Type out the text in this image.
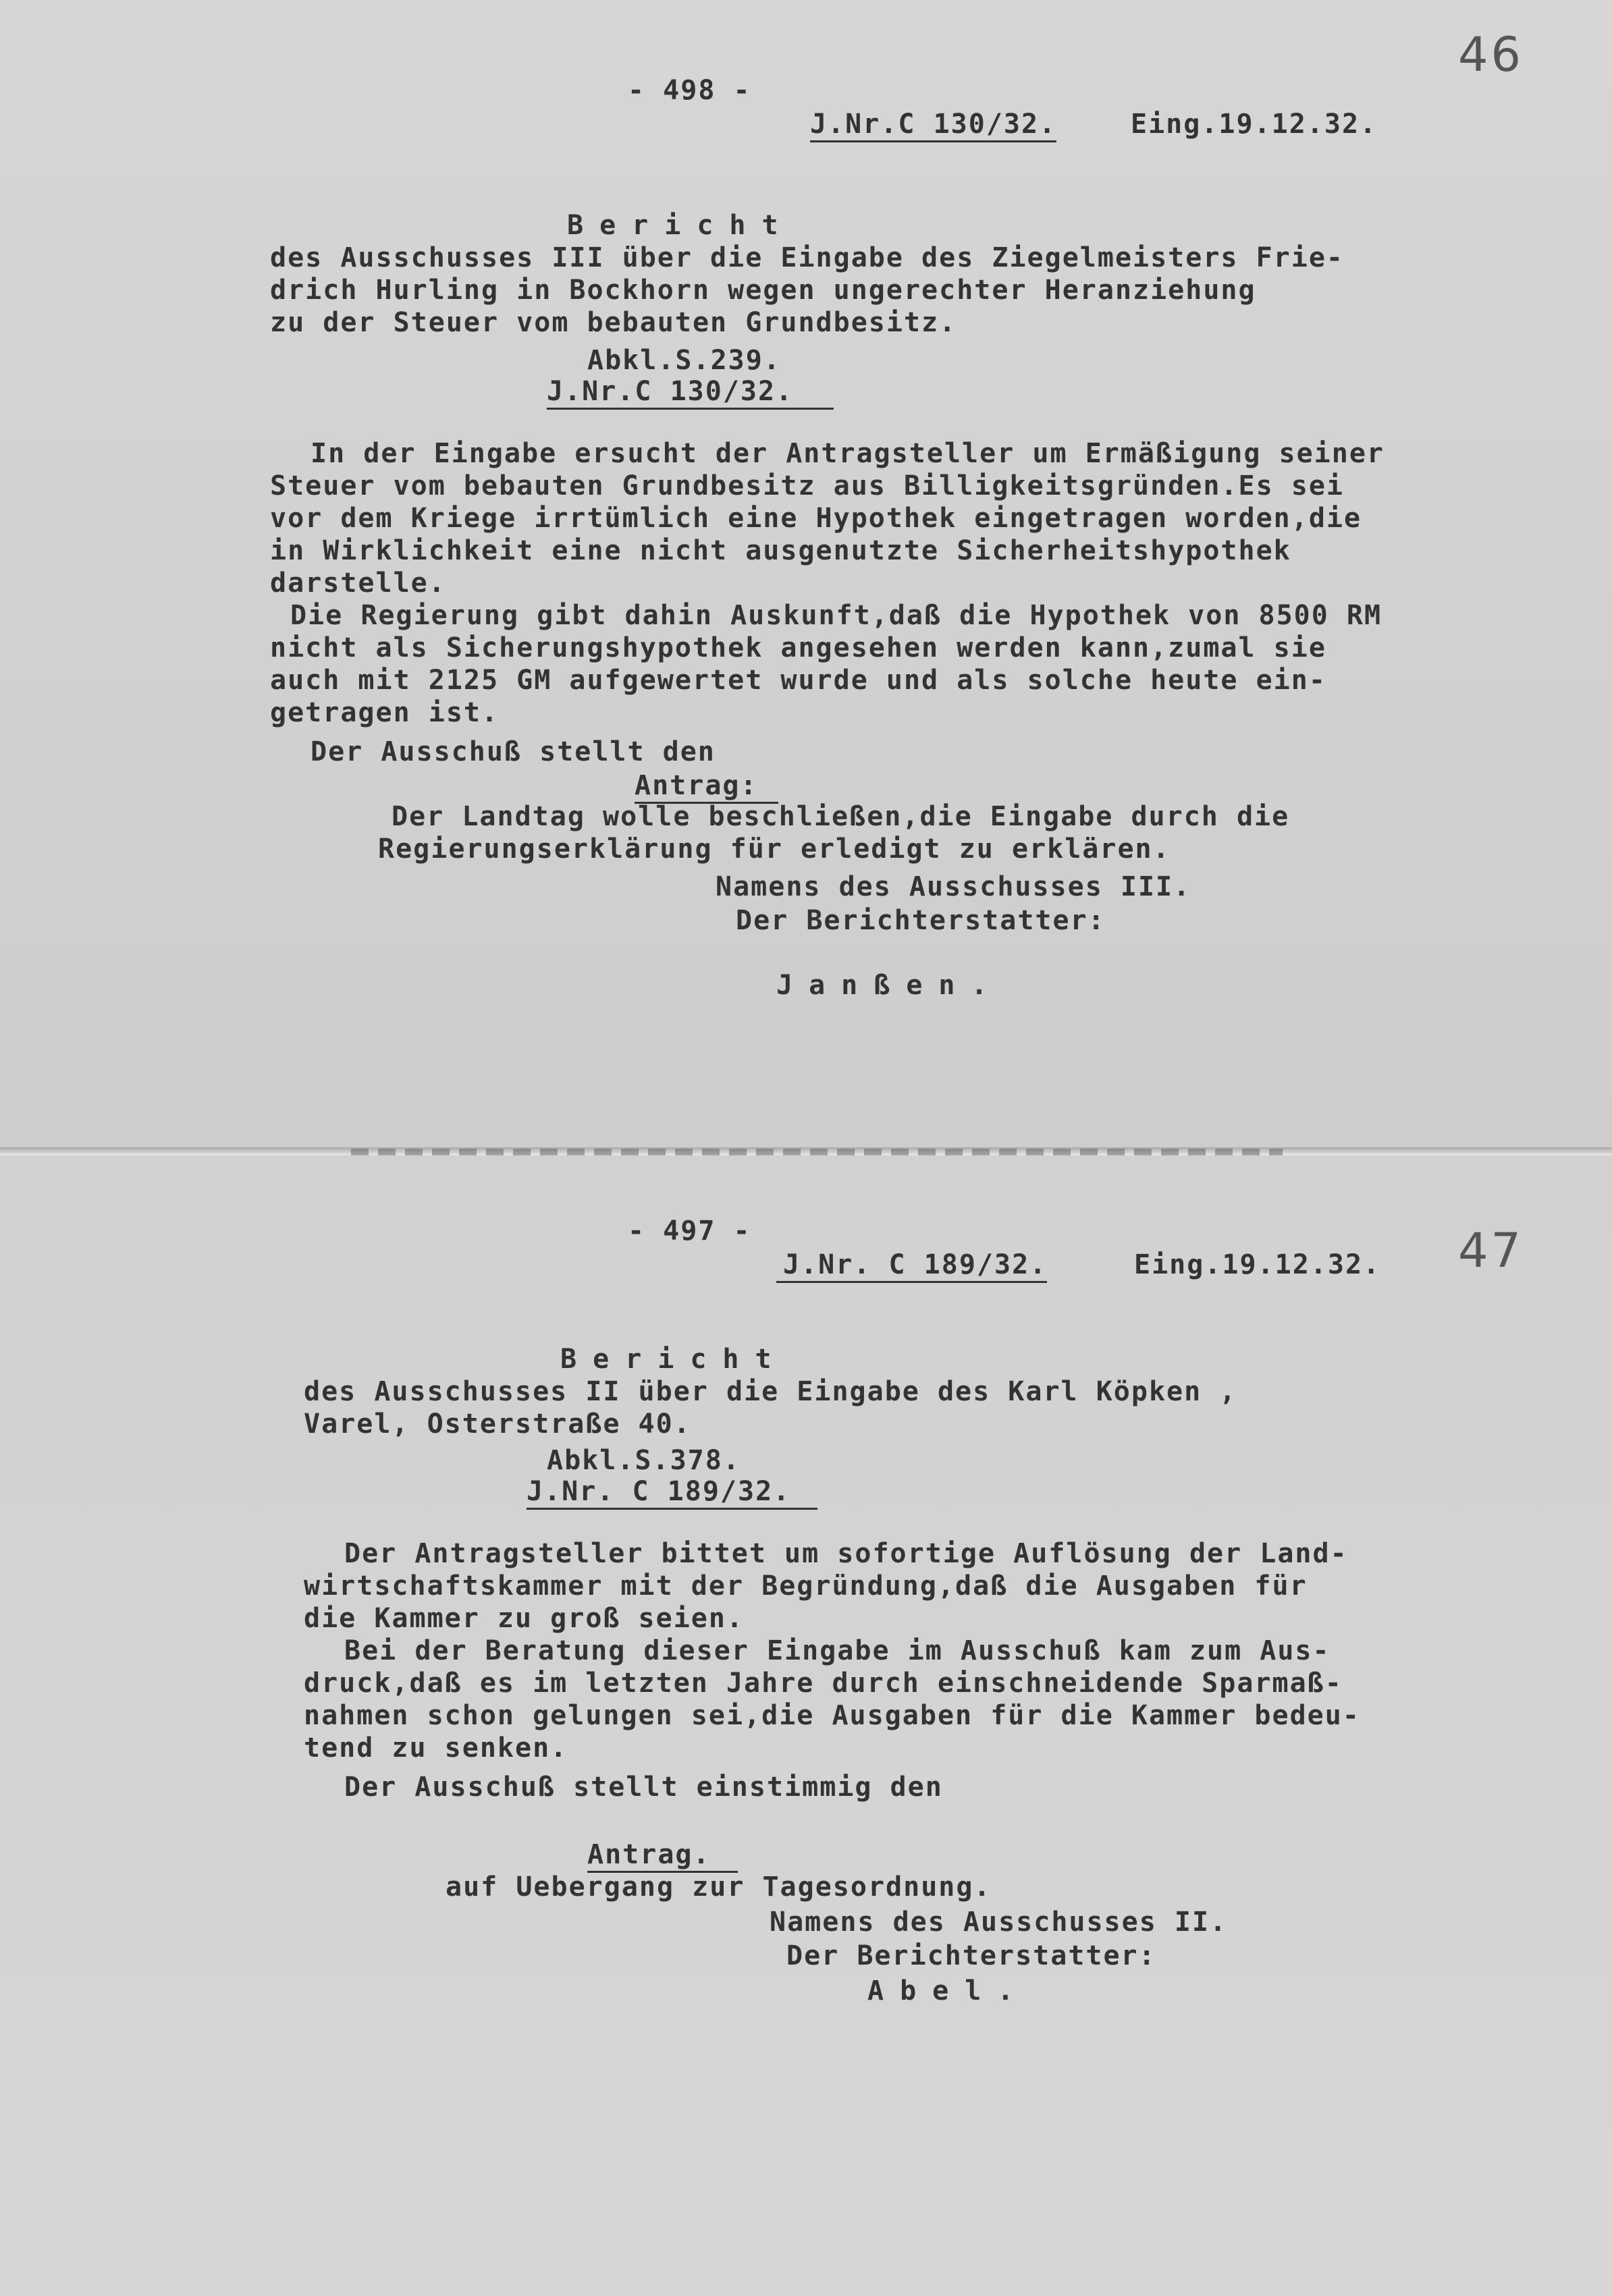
46
- 498 -
J.Nr.C 130/32.	Eing.19.12.32.
Bericht
des Ausschusses III über die Eingabe des Ziegelmeisters Frie-
drich Hurling in Bockhorn wegen ungerechter Heranziehung
zu der Steuer vom bebauten Grundbesitz.
Abkl.S.239.
J.Nr.C 130/32.
In der Eingabe ersucht der Antragsteller um Ermäßigung seiner
Steuer vom bebauten Grundbesitz aus Billigkeitsgründen.Es sei
vor dem Kriege irrtümlich eine Hypothek eingetragen worden,die
in Wirklichkeit eine nicht ausgenutzte Sicherheitshypothek
darstelle.
Die Regierung gibt dahin Auskunft,daß die Hypothek von 8500 RM
nicht als Sicherungshypothek angesehen werden kann,zumal sie
auch mit 2125 GM aufgewertet wurde und als solche heute ein-
getragen ist.
Der Ausschuß stellt den
Antrag:
Der Landtag wolle beschließen,die Eingabe durch die
Regierungserklärung für erledigt zu erklären.
Namens des Ausschusses III.
Der Berichterstatter:
Janßen.
47
- 497 -
J.Nr. C 189/32.	Eing.19.12.32.
Bericht
des Ausschusses II über die Eingabe des Karl Köpken ,
Varel, Osterstraße 40.
Abkl.S.378.
J.Nr. C 189/32.
Der Antragsteller bittet um sofortige Auflösung der Land-
wirtschaftskammer mit der Begründung,daß die Ausgaben für
die Kammer zu groß seien.
Bei der Beratung dieser Eingabe im Ausschuß kam zum Aus-
druck,daß es im letzten Jahre durch einschneidende Sparmaß-
nahmen schon gelungen sei,die Ausgaben für die Kammer bedeu-
tend zu senken.
Der Ausschuß stellt einstimmig den
Antrag.
auf Uebergang zur Tagesordnung.
Namens des Ausschusses II.
Der Berichterstatter:
Abel.
